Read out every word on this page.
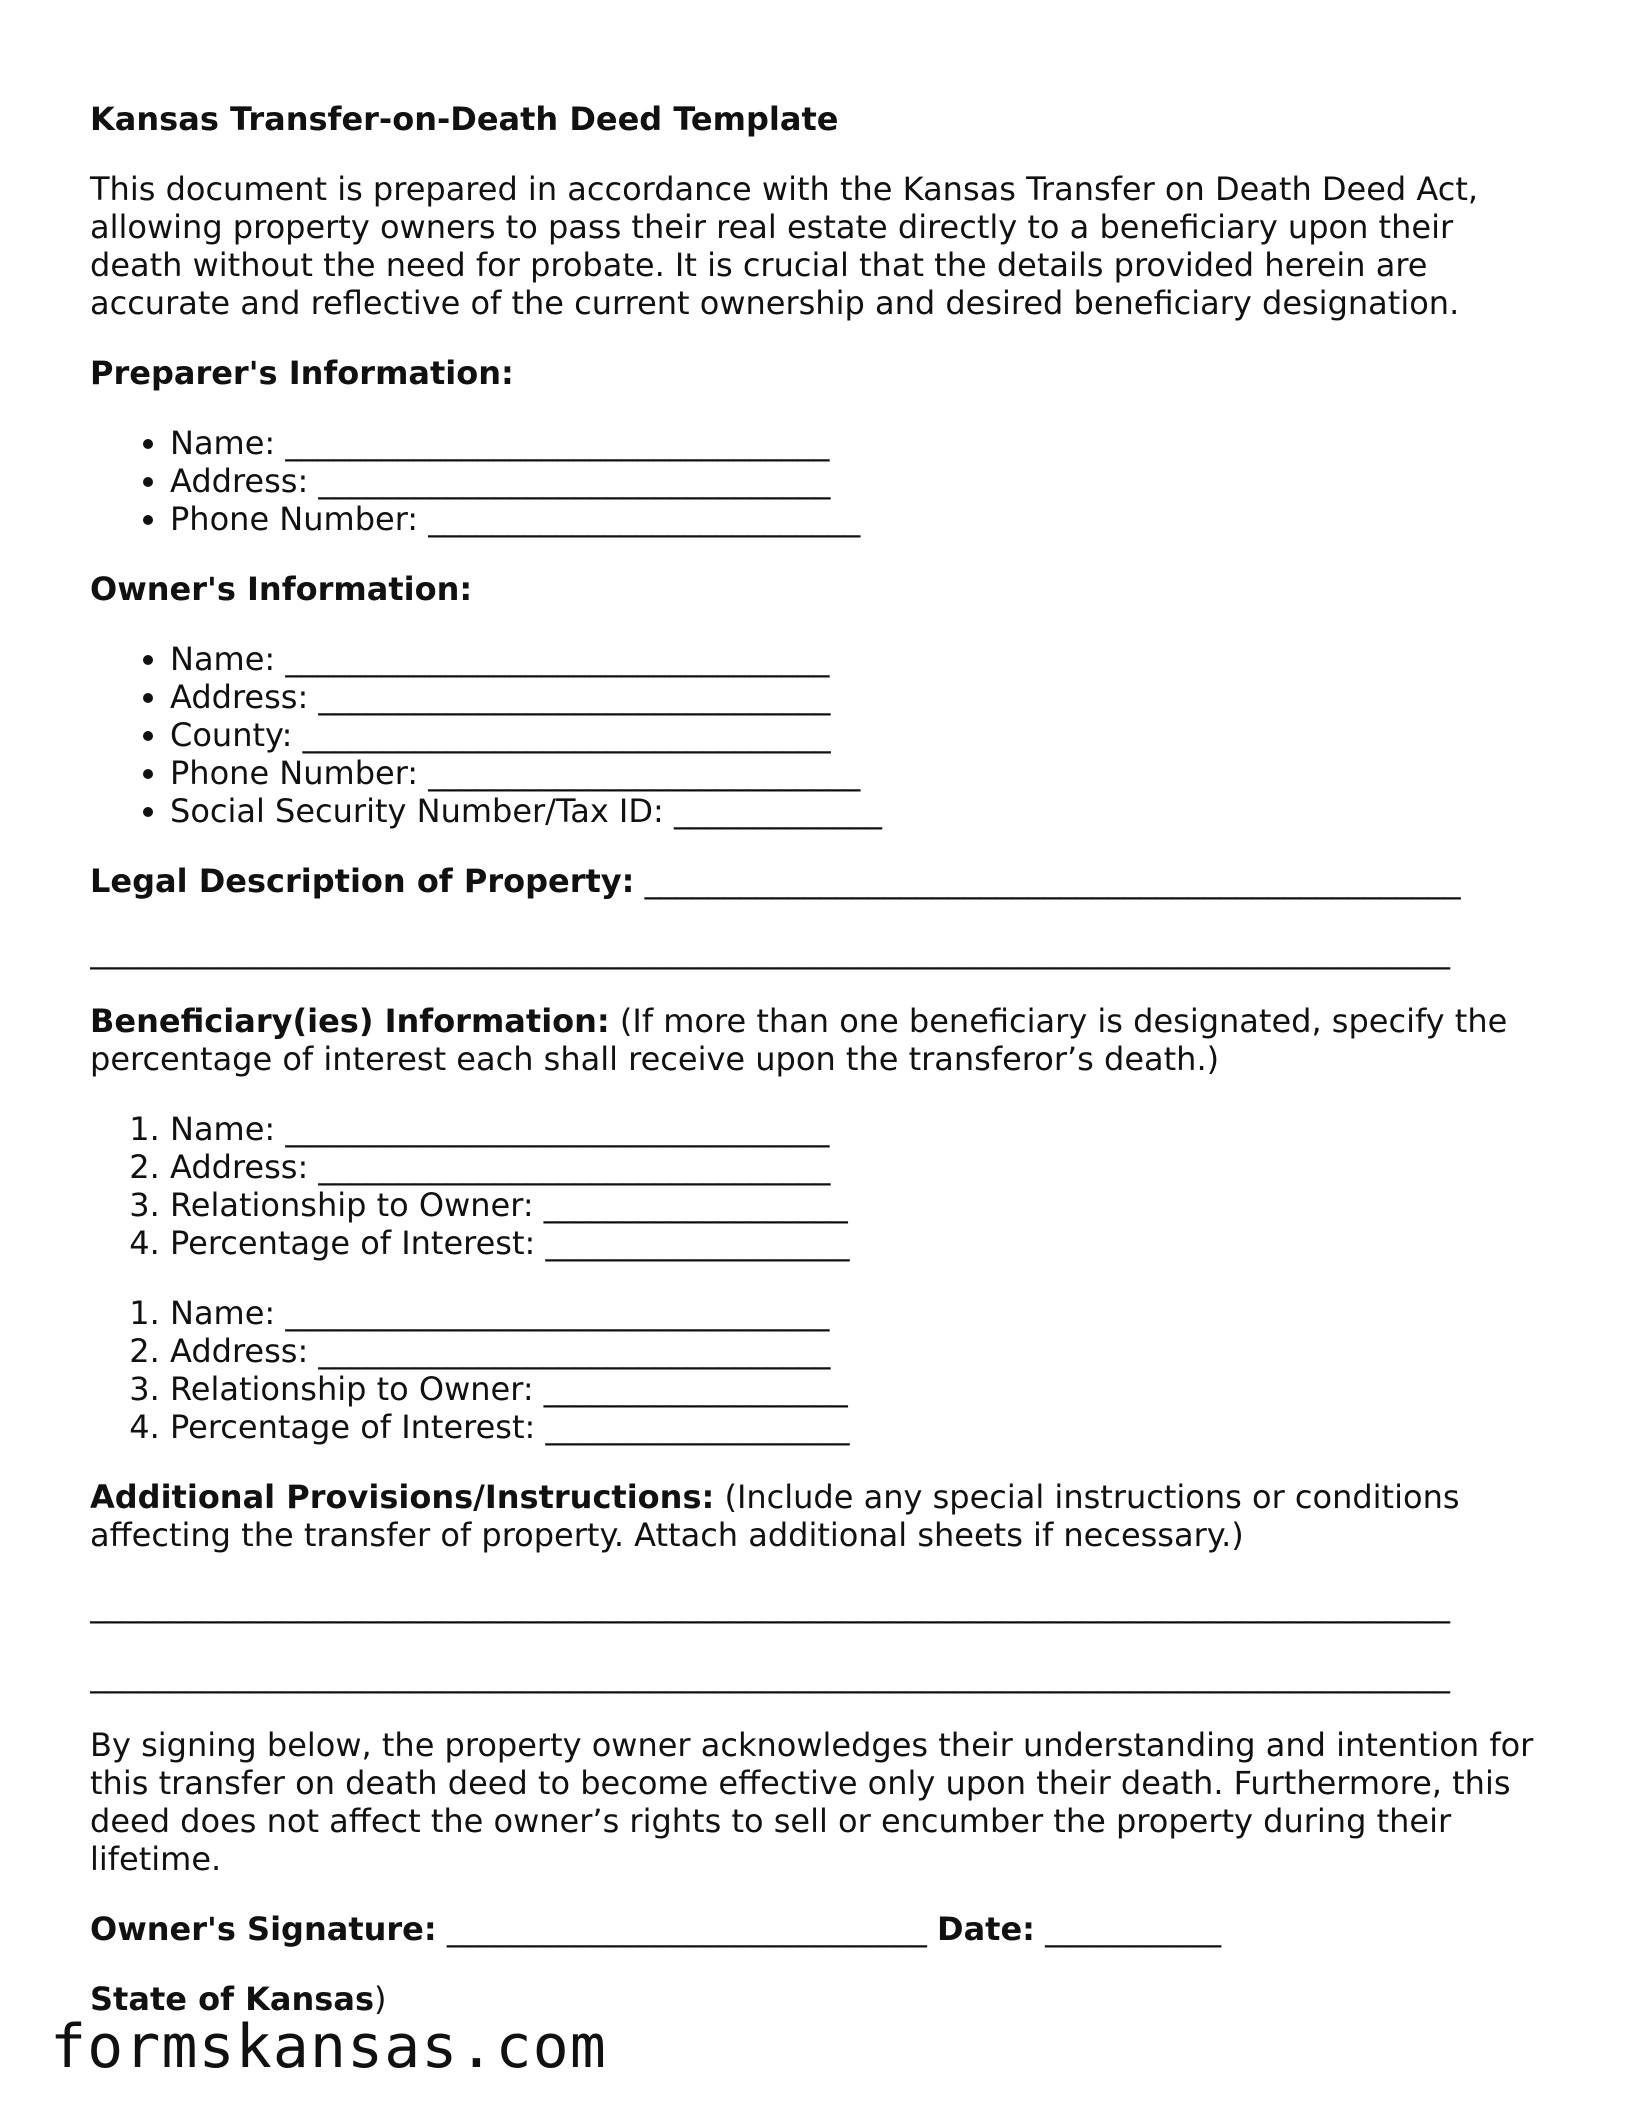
Kansas Transfer-on-Death Deed Template

This document is prepared in accordance with the Kansas Transfer on Death Deed Act, allowing property owners to pass their real estate directly to a beneficiary upon their death without the need for probate. It is crucial that the details provided herein are accurate and reflective of the current ownership and desired beneficiary designation.

Preparer's Information:

• Name: __________________________________
• Address: ________________________________
• Phone Number: ___________________________

Owner's Information:

• Name: __________________________________
• Address: ________________________________
• County: _________________________________
• Phone Number: ___________________________
• Social Security Number/Tax ID: _____________

Legal Description of Property: ___________________________________________________

_____________________________________________________________________________________

Beneficiary(ies) Information: (If more than one beneficiary is designated, specify the percentage of interest each shall receive upon the transferor’s death.)

1. Name: __________________________________
2. Address: ________________________________
3. Relationship to Owner: ___________________
4. Percentage of Interest: ___________________
1. Name: __________________________________
2. Address: ________________________________
3. Relationship to Owner: ___________________
4. Percentage of Interest: ___________________

Additional Provisions/Instructions: (Include any special instructions or conditions affecting the transfer of property. Attach additional sheets if necessary.)

_____________________________________________________________________________________

_____________________________________________________________________________________

By signing below, the property owner acknowledges their understanding and intention for this transfer on death deed to become effective only upon their death. Furthermore, this deed does not affect the owner’s rights to sell or encumber the property during their lifetime.

Owner's Signature: ______________________________ Date: ___________

State of Kansas)

formskansas.com
